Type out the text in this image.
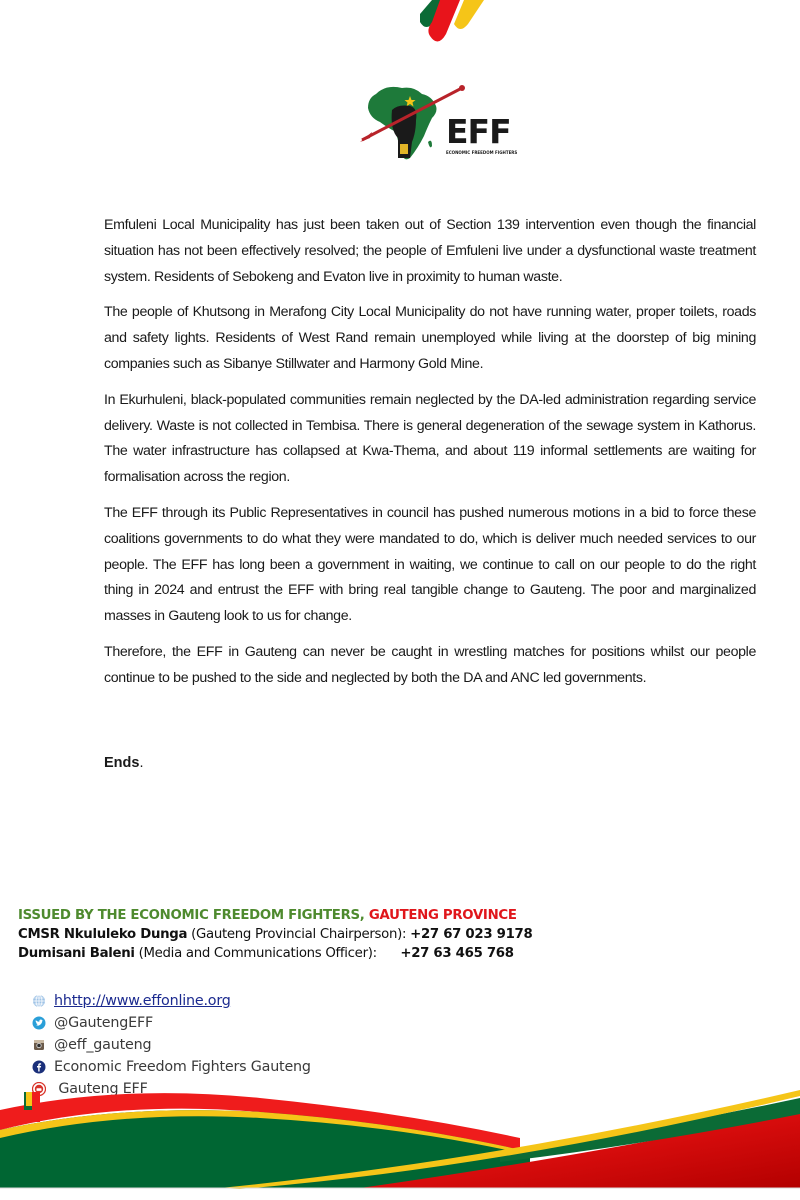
EFF
ECONOMIC FREEDOM FIGHTERS

Emfuleni Local Municipality has just been taken out of Section 139 intervention even though the financial situation has not been effectively resolved; the people of Emfuleni live under a dysfunctional waste treatment system. Residents of Sebokeng and Evaton live in proximity to human waste.

The people of Khutsong in Merafong City Local Municipality do not have running water, proper toilets, roads and safety lights. Residents of West Rand remain unemployed while living at the doorstep of big mining companies such as Sibanye Stillwater and Harmony Gold Mine.

In Ekurhuleni, black-populated communities remain neglected by the DA-led administration regarding service delivery. Waste is not collected in Tembisa. There is general degeneration of the sewage system in Kathorus. The water infrastructure has collapsed at Kwa-Thema, and about 119 informal settlements are waiting for formalisation across the region.

The EFF through its Public Representatives in council has pushed numerous motions in a bid to force these coalitions governments to do what they were mandated to do, which is deliver much needed services to our people. The EFF has long been a government in waiting, we continue to call on our people to do the right thing in 2024 and entrust the EFF with bring real tangible change to Gauteng. The poor and marginalized masses in Gauteng look to us for change.

Therefore, the EFF in Gauteng can never be caught in wrestling matches for positions whilst our people continue to be pushed to the side and neglected by both the DA and ANC led governments.

Ends.
ISSUED BY THE ECONOMIC FREEDOM FIGHTERS, GAUTENG PROVINCE
CMSR Nkululeko Dunga (Gauteng Provincial Chairperson): +27 67 023 9178
Dumisani Baleni (Media and Communications Officer):      +27 63 465 768
hhttp://www.effonline.org
@GautengEFF
@eff_gauteng
Economic Freedom Fighters Gauteng
Gauteng EFF
